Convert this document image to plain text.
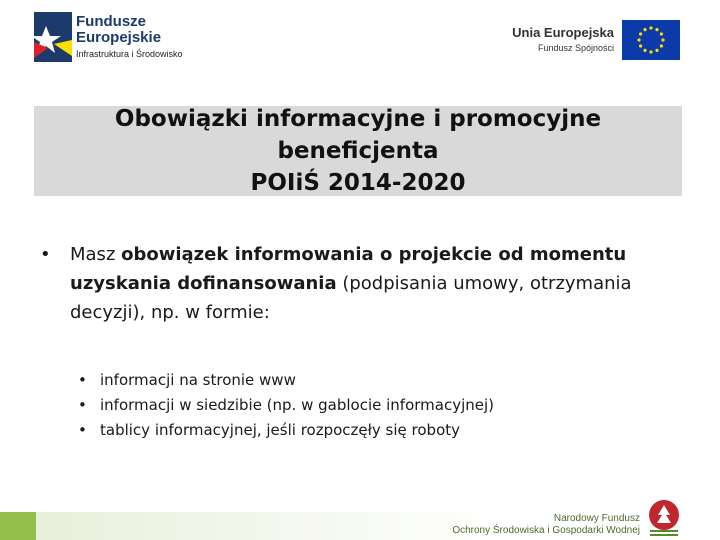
Fundusze
Europejskie
Infrastruktura i Środowisko
Unia Europejska
Fundusz Spójności
Obowiązki informacyjne i promocyjne beneficjenta
POIiŚ 2014-2020
• Masz obowiązek informowania o projekcie od momentu uzyskania dofinansowania (podpisania umowy, otrzymania decyzji), np. w formie:
• informacji na stronie www
• informacji w siedzibie (np. w gablocie informacyjnej)
• tablicy informacyjnej, jeśli rozpoczęły się roboty
Narodowy Fundusz
Ochrony Środowiska i Gospodarki Wodnej
